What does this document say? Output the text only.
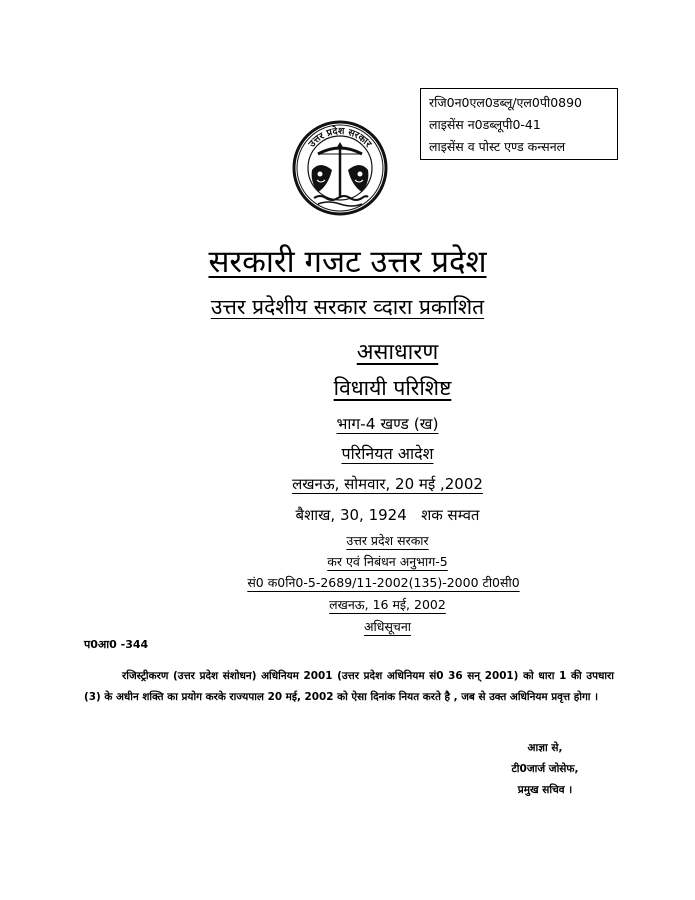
रजि0न0एल0डब्लू/एल0पी0890
लाइसेंस न0डब्लूपी0-41
लाइसेंस व पोस्ट एण्ड कन्सनल
उत्तर प्रदेश सरकार
सरकारी गजट उत्तर प्रदेश
उत्तर प्रदेशीय सरकार व्दारा प्रकाशित
असाधारण
विधायी परिशिष्ट
भाग-4 खण्ड (ख)
परिनियत आदेश
लखनऊ, सोमवार, 20 मई ,2002
बैशाख, 30, 1924   शक सम्वत
उत्तर प्रदेश सरकार
कर एवं निबंधन अनुभाग-5
सं0 क0नि0-5-2689/11-2002(135)-2000 टी0सी0
लखनऊ, 16 मई, 2002
अधिसूचना
प0आ0 -344
रजिस्ट्रीकरण (उत्तर प्रदेश संशोधन) अधिनियम 2001 (उत्तर प्रदेश अधिनियम सं0 36 सन् 2001) को धारा 1 की उपधारा (3) के अधीन शक्ति का प्रयोग करके राज्यपाल 20 मई, 2002 को ऐसा दिनांक नियत करते है , जब से उक्त अधिनियम प्रवृत्त होगा ।
आज्ञा से,
टी0जार्ज जोसेफ,
प्रमुख सचिव ।
